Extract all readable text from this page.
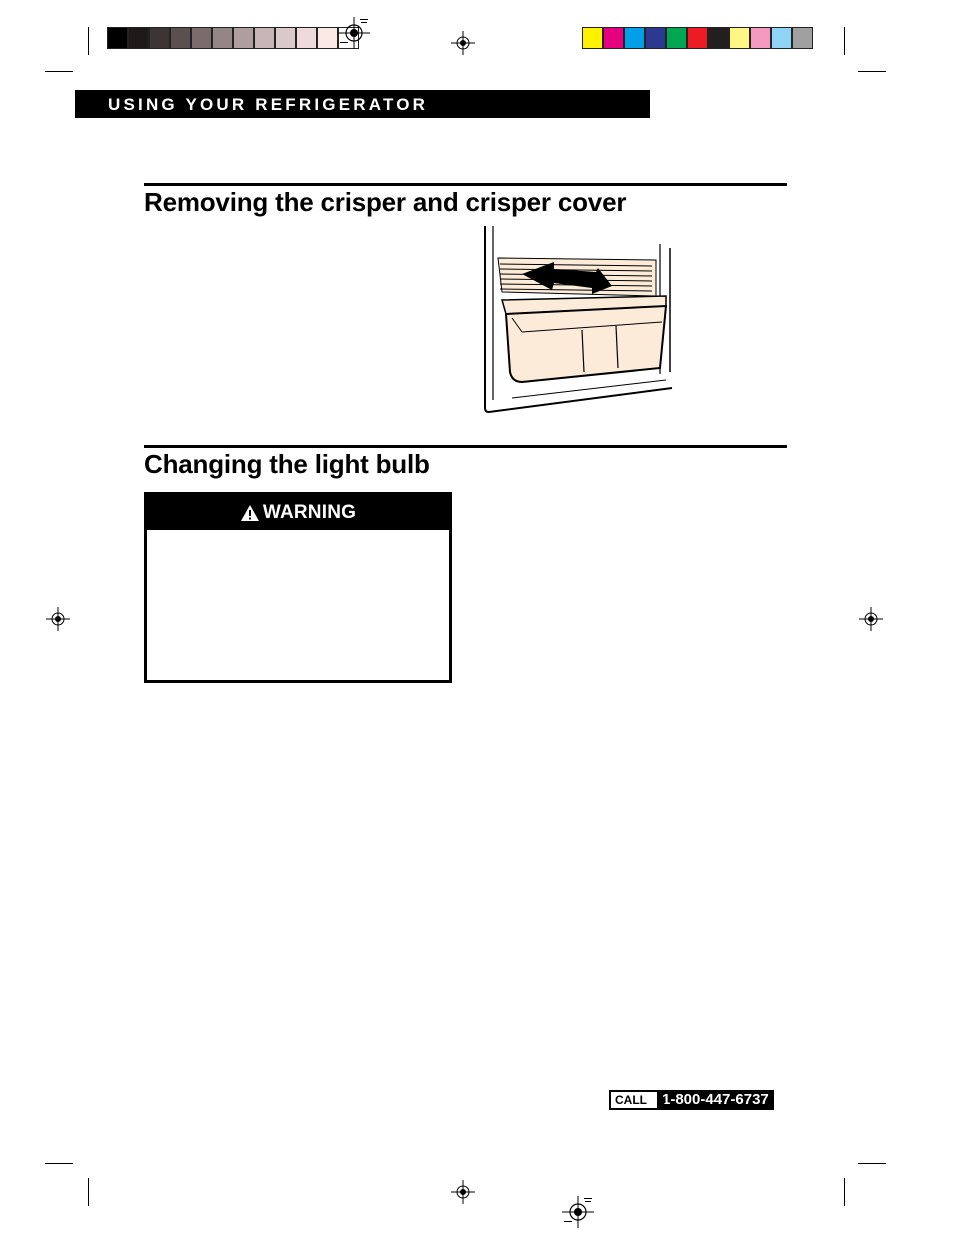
USING YOUR REFRIGERATOR
Removing the crisper and crisper cover
Changing the light bulb
WARNING
CALL	1-800-447-6737
